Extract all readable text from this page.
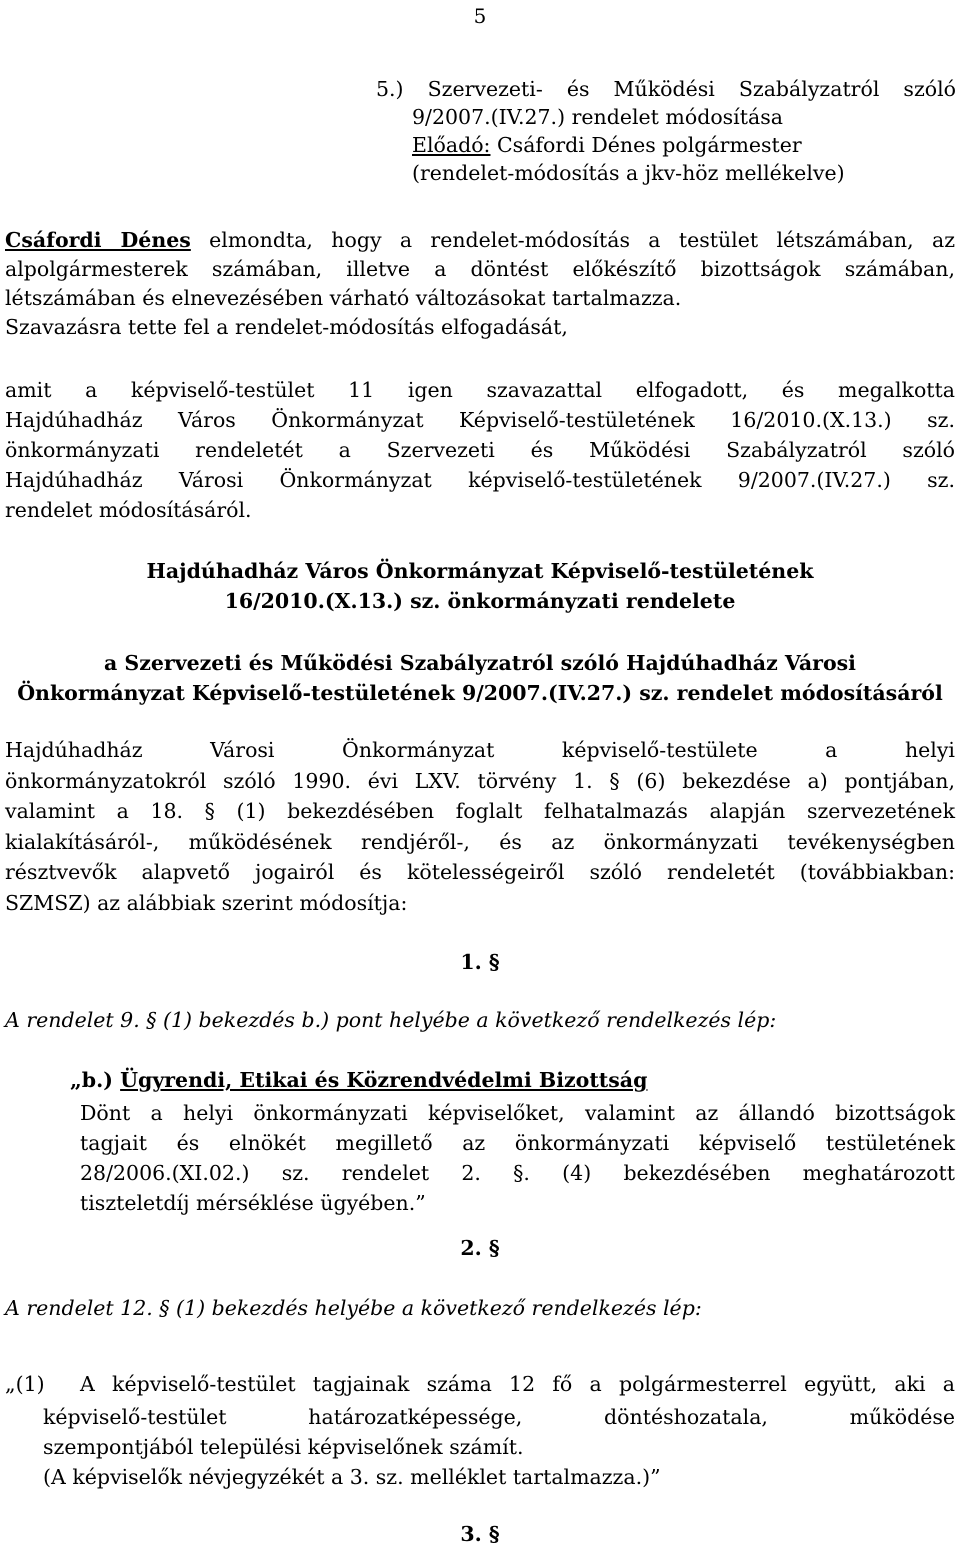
5
5.) Szervezeti- és Működési Szabályzatról szóló
9/2007.(IV.27.) rendelet módosítása
Előadó: Csáfordi Dénes polgármester
(rendelet-módosítás a jkv-höz mellékelve)
Csáfordi Dénes elmondta, hogy a rendelet-módosítás a testület létszámában, az
alpolgármesterek számában, illetve a döntést előkészítő bizottságok számában,
létszámában és elnevezésében várható változásokat tartalmazza.
Szavazásra tette fel a rendelet-módosítás elfogadását,
amit a képviselő-testület 11 igen szavazattal elfogadott, és megalkotta
Hajdúhadház Város Önkormányzat Képviselő-testületének 16/2010.(X.13.) sz.
önkormányzati rendeletét a Szervezeti és Működési Szabályzatról szóló
Hajdúhadház Városi Önkormányzat képviselő-testületének 9/2007.(IV.27.) sz.
rendelet módosításáról.
Hajdúhadház Város Önkormányzat Képviselő-testületének
16/2010.(X.13.) sz. önkormányzati rendelete
a Szervezeti és Működési Szabályzatról szóló Hajdúhadház Városi
Önkormányzat Képviselő-testületének 9/2007.(IV.27.) sz. rendelet módosításáról
Hajdúhadház Városi Önkormányzat képviselő-testülete a helyi
önkormányzatokról szóló 1990. évi LXV. törvény 1. § (6) bekezdése a) pontjában,
valamint a 18. § (1) bekezdésében foglalt felhatalmazás alapján szervezetének
kialakításáról-, működésének rendjéről-, és az önkormányzati tevékenységben
résztvevők alapvető jogairól és kötelességeiről szóló rendeletét (továbbiakban:
SZMSZ) az alábbiak szerint módosítja:
1. §
A rendelet 9. § (1) bekezdés b.) pont helyébe a következő rendelkezés lép:
„b.) Ügyrendi, Etikai és Közrendvédelmi Bizottság
Dönt a helyi önkormányzati képviselőket, valamint az állandó bizottságok
tagjait és elnökét megillető az önkormányzati képviselő testületének
28/2006.(XI.02.) sz. rendelet 2. §. (4) bekezdésében meghatározott
tiszteletdíj mérséklése ügyében.”
2. §
A rendelet 12. § (1) bekezdés helyébe a következő rendelkezés lép:
„(1)	A képviselő-testület tagjainak száma 12 fő a polgármesterrel együtt, aki a
képviselő-testület határozatképessége, döntéshozatala, működése
szempontjából települési képviselőnek számít.
(A képviselők névjegyzékét a 3. sz. melléklet tartalmazza.)”
3. §
